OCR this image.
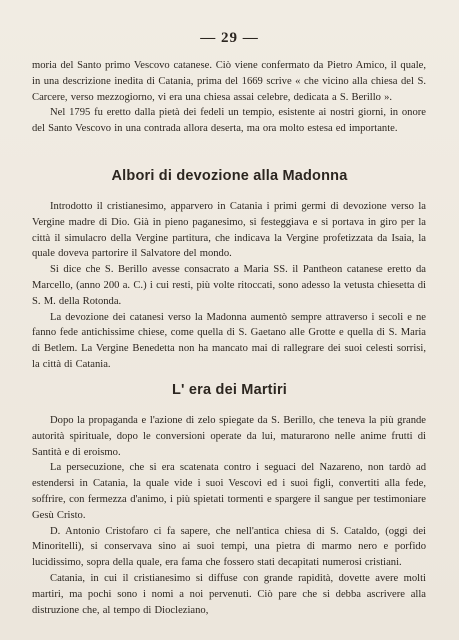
— 29 —

moria del Santo primo Vescovo catanese. Ciò viene confermato da Pietro Amico, il quale, in una descrizione inedita di Catania, prima del 1669 scrive « che vicino alla chiesa del S. Carcere, verso mezzogiorno, vi era una chiesa assai celebre, dedicata a S. Berillo ».

Nel 1795 fu eretto dalla pietà dei fedeli un tempio, esistente ai nostri giorni, in onore del Santo Vescovo in una contrada allora deserta, ma ora molto estesa ed importante.

Albori di devozione alla Madonna

Introdotto il cristianesimo, apparvero in Catania i primi germi di devozione verso la Vergine madre di Dio. Già in pieno paganesimo, si festeggiava e si portava in giro per la città il simulacro della Vergine partitura, che indicava la Vergine profetizzata da Isaia, la quale doveva partorire il Salvatore del mondo.

Si dice che S. Berillo avesse consacrato a Maria SS. il Pantheon catanese eretto da Marcello, (anno 200 a. C.) i cui resti, più volte ritoccati, sono adesso la vetusta chiesetta di S. M. della Rotonda.

La devozione dei catanesi verso la Madonna aumentò sempre attraverso i secoli e ne fanno fede antichissime chiese, come quella di S. Gaetano alle Grotte e quella di S. Maria di Betlem. La Vergine Benedetta non ha mancato mai di rallegrare dei suoi celesti sorrisi, la città di Catania.

L' era dei Martiri

Dopo la propaganda e l'azione di zelo spiegate da S. Berillo, che teneva la più grande autorità spirituale, dopo le conversioni operate da lui, maturarono nelle anime frutti di Santità e di eroismo.

La persecuzione, che si era scatenata contro i seguaci del Nazareno, non tardò ad estendersi in Catania, la quale vide i suoi Vescovi ed i suoi figli, convertiti alla fede, soffrire, con fermezza d'animo, i più spietati tormenti e spargere il sangue per testimoniare Gesù Cristo.

D. Antonio Cristofaro ci fa sapere, che nell'antica chiesa di S. Cataldo, (oggi dei Minoritelli), si conservava sino ai suoi tempi, una pietra di marmo nero e porfido lucidissimo, sopra della quale, era fama che fossero stati decapitati numerosi cristiani.

Catania, in cui il cristianesimo si diffuse con grande rapidità, dovette avere molti martiri, ma pochi sono i nomi a noi pervenuti. Ciò pare che si debba ascrivere alla distruzione che, al tempo di Diocleziano,
